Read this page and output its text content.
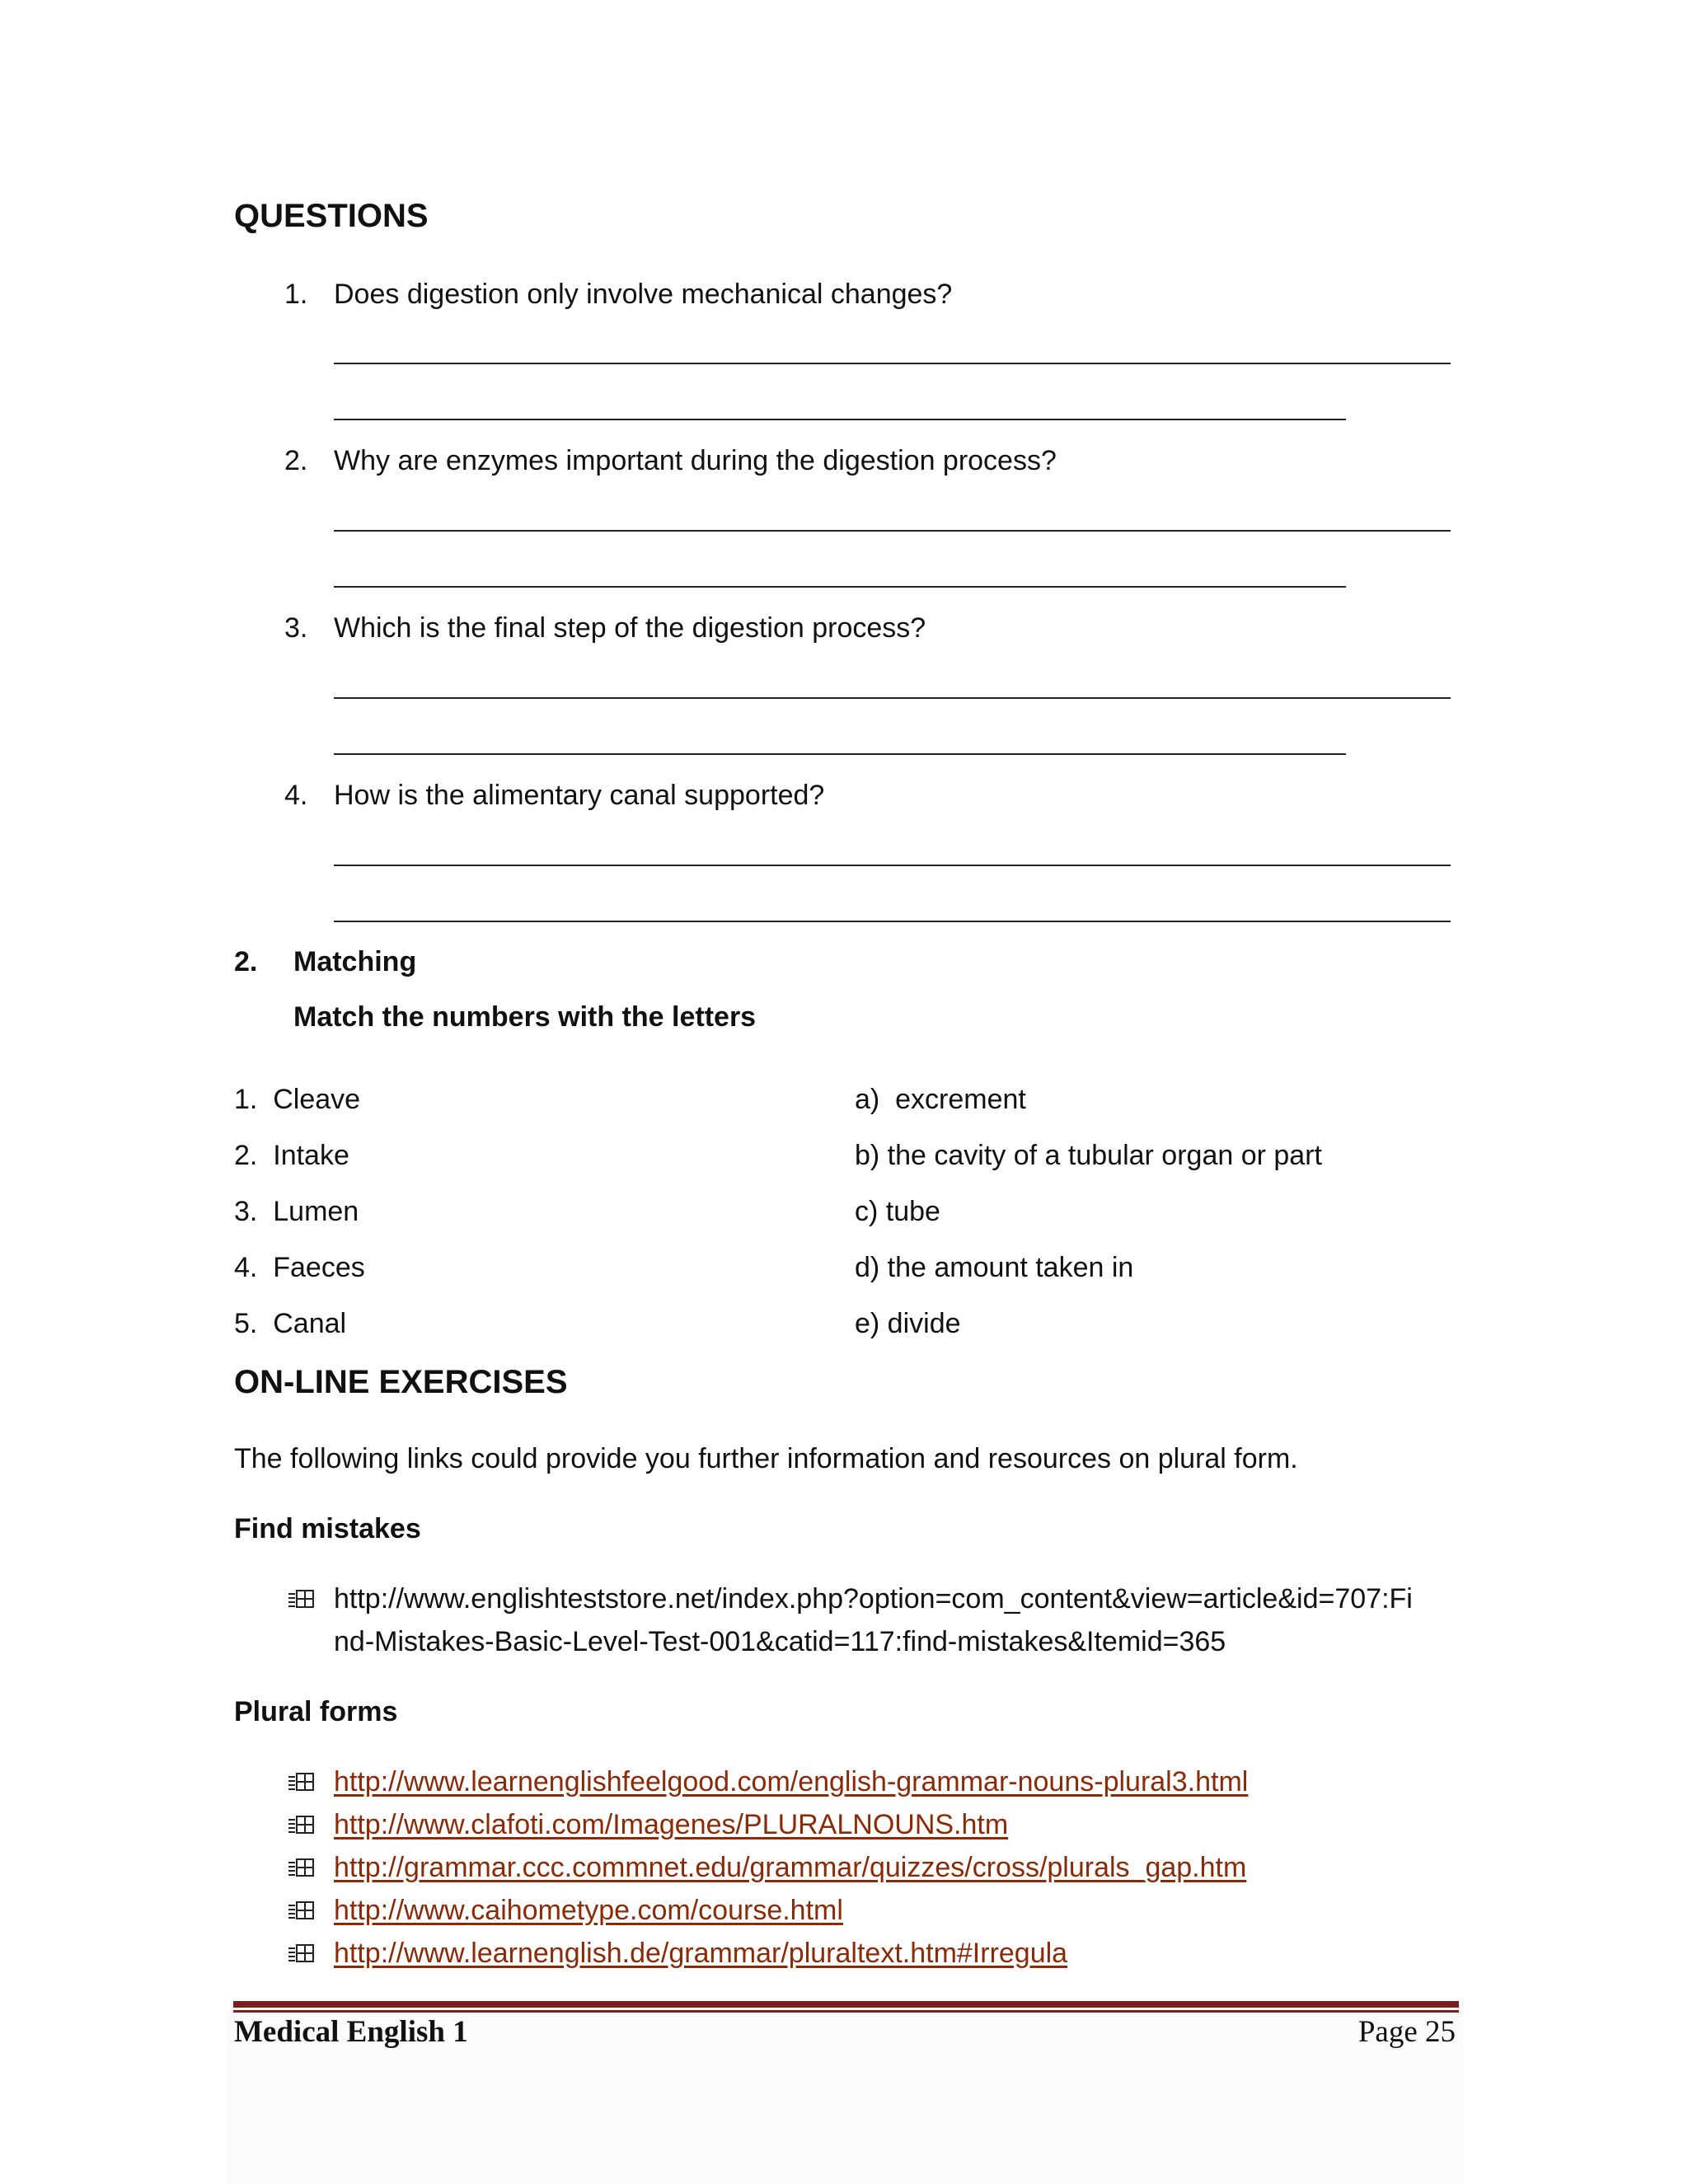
QUESTIONS
1. Does digestion only involve mechanical changes?
2. Why are enzymes important during the digestion process?
3. Which is the final step of the digestion process?
4. How is the alimentary canal supported?
2. Matching
Match the numbers with the letters
1.  Cleave
2.  Intake
3.  Lumen
4.  Faeces
5.  Canal
a)  excrement
b) the cavity of a tubular organ or part
c) tube
d) the amount taken in
e) divide
ON-LINE EXERCISES
The following links could provide you further information and resources on plural form.
Find mistakes
http://www.englishteststore.net/index.php?option=com_content&view=article&id=707:Fi
nd-Mistakes-Basic-Level-Test-001&catid=117:find-mistakes&Itemid=365
Plural forms
http://www.learnenglishfeelgood.com/english-grammar-nouns-plural3.html
http://www.clafoti.com/Imagenes/PLURALNOUNS.htm
http://grammar.ccc.commnet.edu/grammar/quizzes/cross/plurals_gap.htm
http://www.caihometype.com/course.html
http://www.learnenglish.de/grammar/pluraltext.htm#Irregula
Medical English 1	Page 25
